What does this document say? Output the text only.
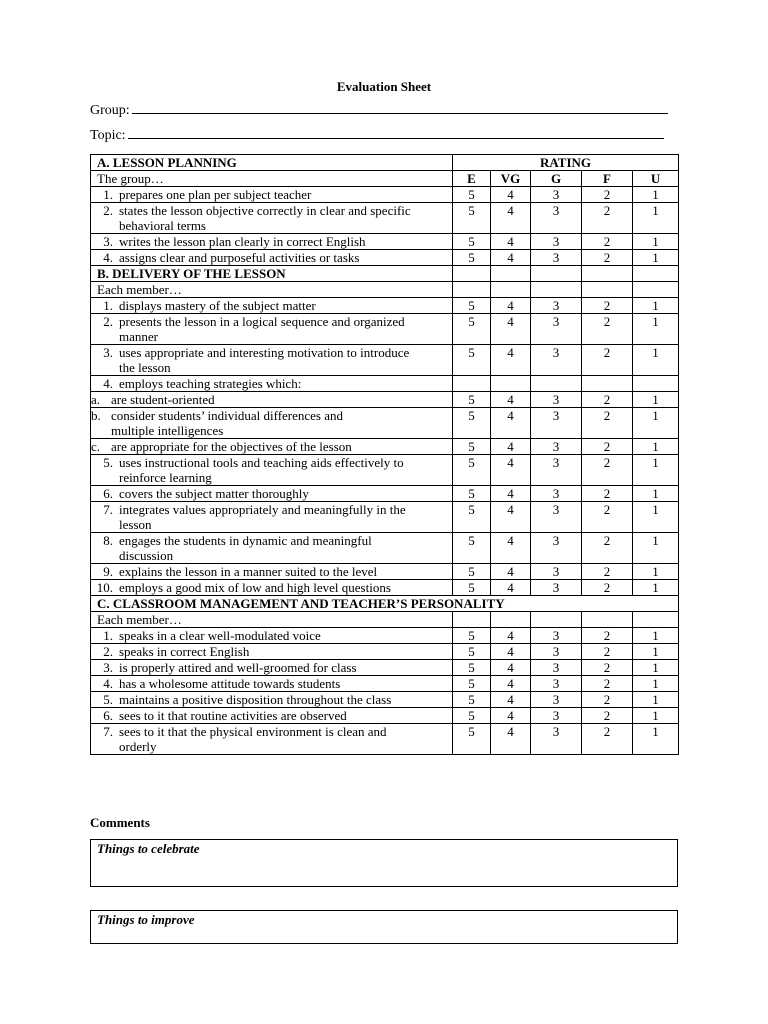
Evaluation Sheet
Group:
Topic:
A. LESSON PLANNING	RATING				
The group…	E	VG	G	F	U
1. prepares one plan per subject teacher	5	4	3	2	1
2. states the lesson objective correctly in clear and specific behavioral terms	5	4	3	2	1
3. writes the lesson plan clearly in correct English	5	4	3	2	1
4. assigns clear and purposeful activities or tasks	5	4	3	2	1
B. DELIVERY OF THE LESSON					
Each member…					
1. displays mastery of the subject matter	5	4	3	2	1
2.presents the lesson in a logical sequence and organized manner	5	4	3	2	1
3. uses appropriate and interesting motivation to introduce the lesson	5	4	3	2	1
4. employs teaching strategies which:					
a. are student-oriented	5	4	3	2	1
b.consider students’ individual differences and multiple intelligences	5	4	3	2	1
c. are appropriate for the objectives of the lesson	5	4	3	2	1
5. uses instructional tools and teaching aids effectively to reinforce learning	5	4	3	2	1
6.covers the subject matter thoroughly	5	4	3	2	1
7. integrates values appropriately and meaningfully in the lesson	5	4	3	2	1
8. engages the students in dynamic and meaningful discussion	5	4	3	2	1
9. explains the lesson in a manner suited to the level	5	4	3	2	1
10. employs a good mix of low and high level questions	5	4	3	2	1
C. CLASSROOM MANAGEMENT AND TEACHER’S PERSONALITY					
Each member…					
1. speaks in a clear well-modulated voice	5	4	3	2	1
2. speaks in correct English	5	4	3	2	1
3. is properly attired and well-groomed for class	5	4	3	2	1
4. has a wholesome attitude towards students	5	4	3	2	1
5. maintains a positive disposition throughout the class	5	4	3	2	1
6. sees to it that routine activities are observed	5	4	3	2	1
7. sees to it that the physical environment is clean and orderly	5	4	3	2	1
Comments
Things to celebrate
Things to improve
